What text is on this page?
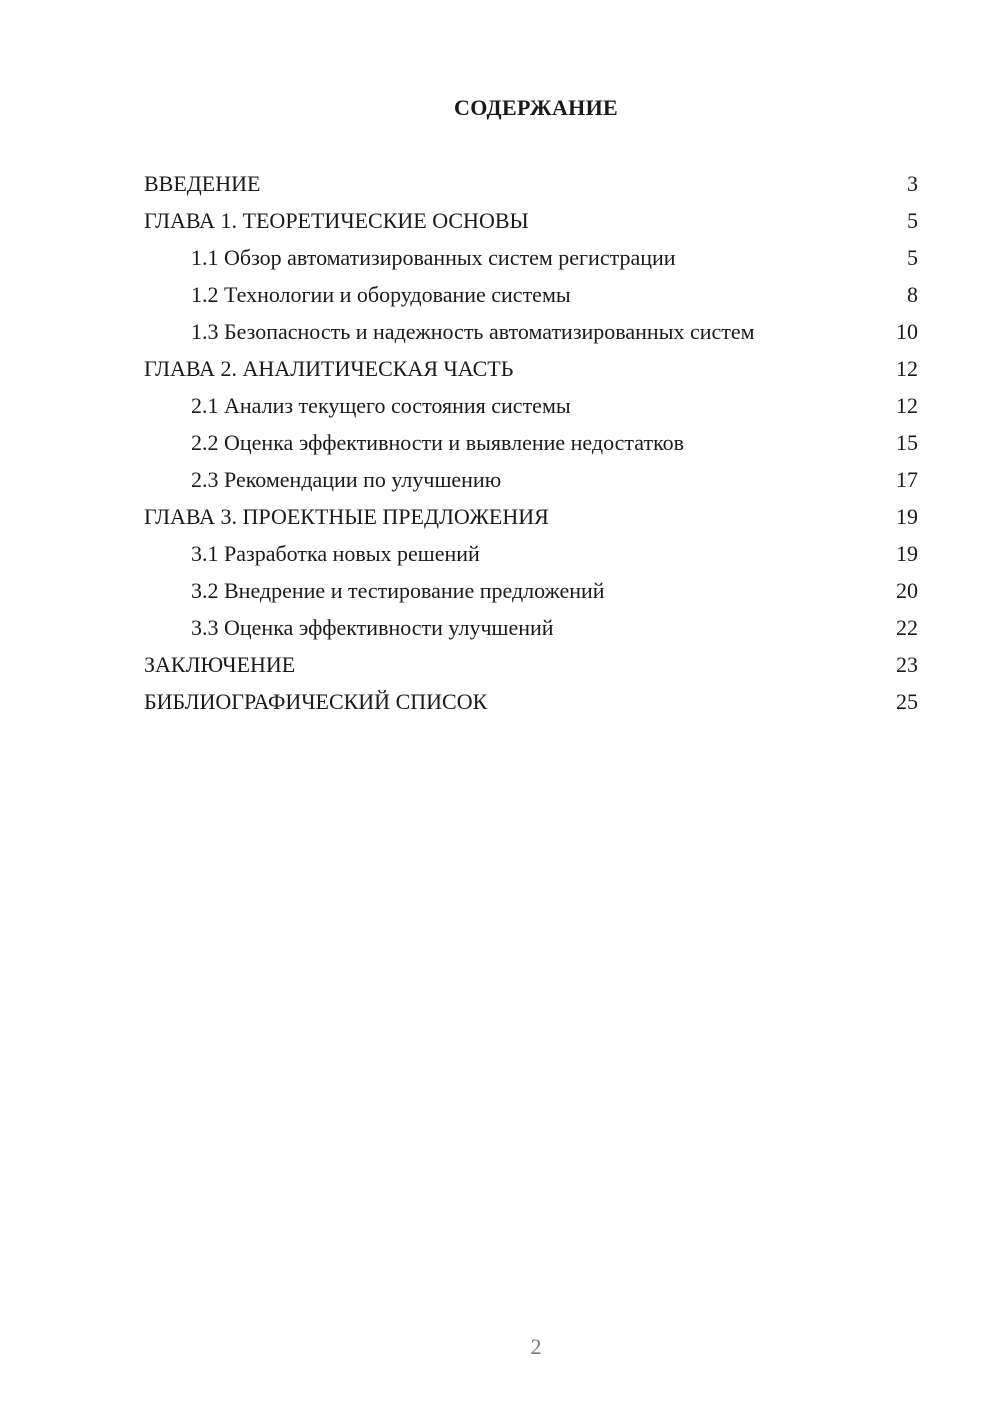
СОДЕРЖАНИЕ
ВВЕДЕНИЕ	3
ГЛАВА 1. ТЕОРЕТИЧЕСКИЕ ОСНОВЫ	5
1.1 Обзор автоматизированных систем регистрации	5
1.2 Технологии и оборудование системы	8
1.3 Безопасность и надежность автоматизированных систем	10
ГЛАВА 2. АНАЛИТИЧЕСКАЯ ЧАСТЬ	12
2.1 Анализ текущего состояния системы	12
2.2 Оценка эффективности и выявление недостатков	15
2.3 Рекомендации по улучшению	17
ГЛАВА 3. ПРОЕКТНЫЕ ПРЕДЛОЖЕНИЯ	19
3.1 Разработка новых решений	19
3.2 Внедрение и тестирование предложений	20
3.3 Оценка эффективности улучшений	22
ЗАКЛЮЧЕНИЕ	23
БИБЛИОГРАФИЧЕСКИЙ СПИСОК	25
2
